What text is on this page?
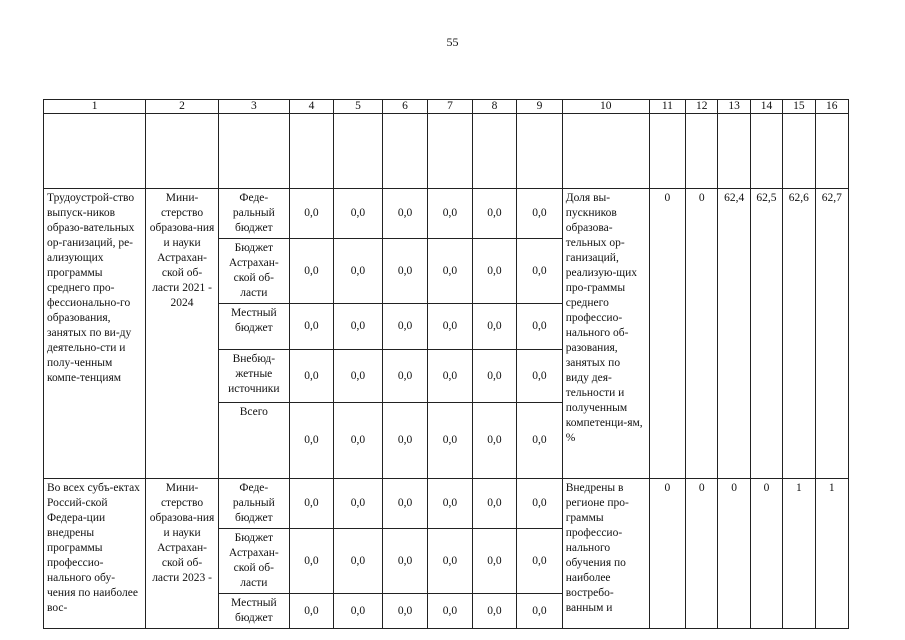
55
1	2	3	4	5	6	7	8	9	10	11	12	13	14	15	16

Трудоустрой-ство выпуск-ников образо-вательных ор-ганизаций, ре-ализующих программы среднего про-фессионально-го образования, занятых по ви-ду деятельно-сти и полу-ченным компе-тенциям	Мини-стерство образова-ния и науки Астрахан-ской об-ласти 2021 - 2024	Феде-ральный бюджет	0,0	0,0	0,0	0,0	0,0	0,0	Доля вы-пускников образова-тельных ор-ганизаций, реализую-щих про-граммы среднего профессио-нального об-разования, занятых по виду дея-тельности и полученным компетенци-ям, %	0	0	62,4	62,5	62,6	62,7
		Бюджет Астрахан-ской об-ласти	0,0	0,0	0,0	0,0	0,0	0,0							
		Местный бюджет	0,0	0,0	0,0	0,0	0,0	0,0							
		Внебюд-жетные источники	0,0	0,0	0,0	0,0	0,0	0,0							
		Всего	0,0	0,0	0,0	0,0	0,0	0,0							
Во всех субъ-ектах Россий-ской Федера-ции внедрены программы профессио-нального обу-чения по наиболее вос-	Мини-стерство образова-ния и науки Астрахан-ской об-ласти 2023 -	Феде-ральный бюджет	0,0	0,0	0,0	0,0	0,0	0,0	Внедрены в регионе про-граммы профессио-нального обучения по наиболее востребо-ванным и	0	0	0	0	1	1
		Бюджет Астрахан-ской об-ласти	0,0	0,0	0,0	0,0	0,0	0,0							
		Местный бюджет	0,0	0,0	0,0	0,0	0,0	0,0							
